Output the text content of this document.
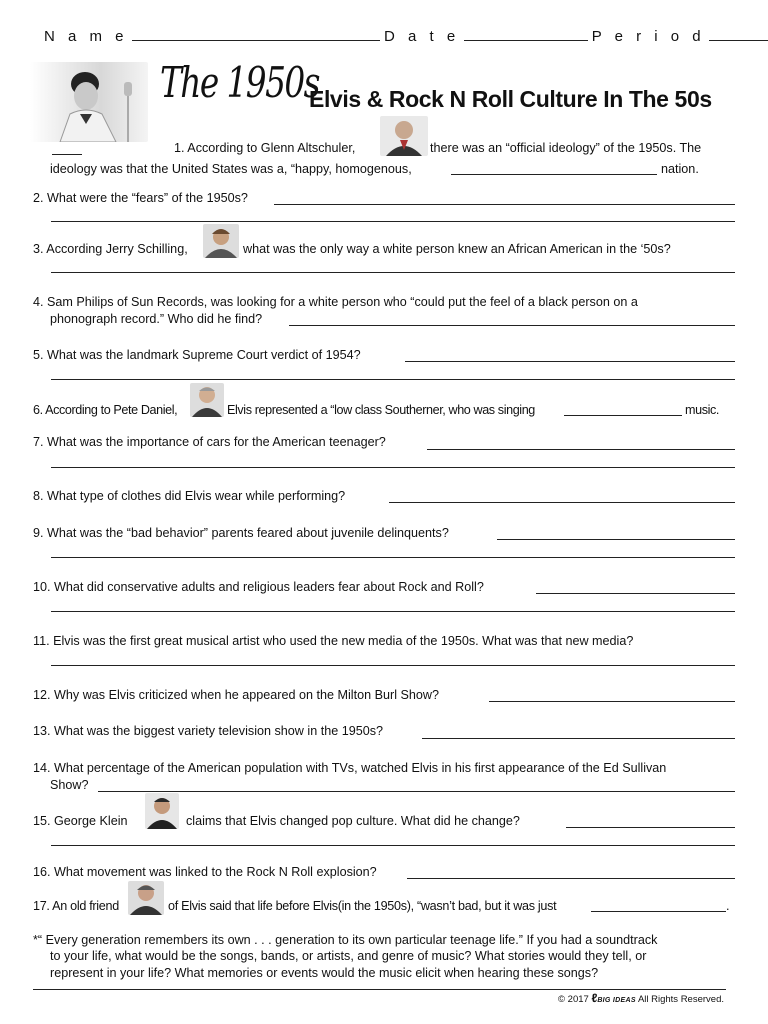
N a m e	D a t e	P e r i o d
The 1950s
Elvis & Rock N Roll Culture In The 50s
1. According to Glenn Altschuler,	there was an “official ideology” of the 1950s. The
ideology was that the United States was a, “happy, homogenous,	nation.
2. What were the “fears” of the 1950s?
3. According Jerry Schilling,	what was the only way a white person knew an African American in the ‘50s?
4. Sam Philips of Sun Records, was looking for a white person who “could put the feel of a black person on a
phonograph record.” Who did he find?
5. What was the landmark Supreme Court verdict of 1954?
6. According to Pete Daniel,	Elvis represented a “low class Southerner, who was singing	music.
7. What was the importance of cars for the American teenager?
8. What type of clothes did Elvis wear while performing?
9. What was the “bad behavior” parents feared about juvenile delinquents?
10. What did conservative adults and religious leaders fear about Rock and Roll?
11. Elvis was the first great musical artist who used the new media of the 1950s. What was that new media?
12. Why was Elvis criticized when he appeared on the Milton Burl Show?
13. What was the biggest variety television show in the 1950s?
14. What percentage of the American population with TVs, watched Elvis in his first appearance of the Ed Sullivan
Show?
15. George Klein	claims that Elvis changed pop culture. What did he change?
16. What movement was linked to the Rock N Roll explosion?
17. An old friend	of Elvis said that life before Elvis(in the 1950s), “wasn’t bad, but it was just	.
*“ Every generation remembers its own . . . generation to its own particular teenage life.” If you had a soundtrack
to your life, what would be the songs, bands, or artists, and genre of music? What stories would they tell, or
represent in your life? What memories or events would the music elicit when hearing these songs?
© 2017 ℓBIG IDEAS All Rights Reserved.
